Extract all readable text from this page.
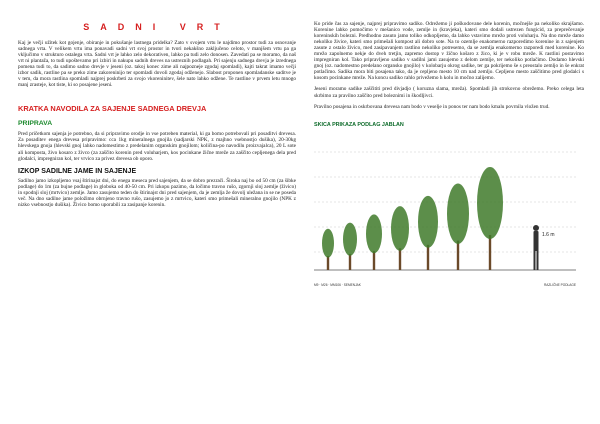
SADNI VRT

Kaj je večji užitek kot gojenje, obiranje in pokušanje lastnega pridelka? Zato v svojem vrtu le najdimo prostor tudi za osnovanje sadnega vrta. V velikem vrtu ima ponavadi sadni vrt svoj prostor in tvori nekakšno zaključeno celoto, v manjšem vrtu pa ga vključimo v strukturo ostalega vrta. Sadni vrt je lahko zelo dekorativen, lahko pa tudi zelo donosen. Zavedati pa se moramo, da naš vrt ni plantaža, to tudi upoštevamo pri izbiri in nakupu sadnih dreves na ustreznih podlagah. Pri sajenju sadnega drevja je izrednega pomena tudi to, da sadimo sadno drevje v jeseni (oz. takoj konec zime ali najpozneje zgodaj spomladi), kajti takrat imamo večji izbor sadik, rastline pa se preko zime zakoreninijo ter spomladi dovoli zgodaj odženejo. Slabost proponen spomladanske saditve je v tem, da mora rastlina spomladi najprej poskrbeti za svojo vkoreninitev, šele nato lahko odžene. Te rastline v prvem letu mnogo manj zrasteje, kot tiste, ki so posajene jeseni.

KRATKA NAVODILA ZA SAJENJE SADNEGA DREVJA
PRIPRAVA

Pred pričetkom sajenja je potrebno, da si pripravimo orodje in vse potreben material, ki ga bomo potrebovali pri posaditvi drevesa. Za posaditev enega drevesa pripravimo: cca 1kg mineralnega gnojila (sadjarski NPK, z majhno vsebnostjo dušika), 20-30kg hlevskega gnoja (hlevski gnoj lahko nadomestimo z predelanim organskim gnojilom; količina-po navodilu proizvajalca), 20 L sote ali komposta, živo kosaro z živco (za zaščito korenin pred voluharjem, kos pocinkane žične mreže za zaščito cepljenega dela pred glodalci, impregniran kol, ter vrvico za privez drevesa ob oporo.

IZKOP SADILNE JAME IN SAJENJE

Sadilno jamo izkopljemo vsaj štirinajst dni, do enega meseca pred sajenjem, da se dobro prezrači. Široka naj bo od 50 cm (za šibke podlage) do 1m (za bujne podlage) in globoka od 40-50 cm. Pri izkopu pazimo, da ločimo travno rušo, zgornji sloj zemlje (živico) in spodnji sloj (mrtvico) zemlje. Jamo zasujemo teden do štirinajst dni pred sajenjem, da je zemlja že dovolj uležana in se ne poseda več. Na dno sadilne jame položimo obrnjeno travno rušo, zasujemo jo z mrtvico, kateri smo primešali mineralno gnojilo (NPK z nizko vsebnostjo dušika). Živico bomo uporabili za zasipanje korenin.

Ko pride čas za sajenje, najprej pripravimo sadiko. Odrežemo ji poškodovane dele korenin, močnejše pa nekoliko skrajšamo. Korenine lahko pomočimo v mešanico vode, zemlje in (kravjeka), kateri smo dodali ustrezen fungicid, za preprečevanje koreninskih bolezni. Predhodno zasuto jamo toliko odkopljemo, da lahko vstavimo mrežo proti voluharju. Na dno mreže damo nekoliko živice, kateri smo primešali kompost ali dobro sote. Na to ozemlje enakomerno razporedimo korenine in z sajenjem zasute z ostalo živico, med zasipavanjem rastlino nekoliko potresemo, da se zemlja enakomerno razporedi med korenine. Ko mrežo zapolnemo nekje do dveh tretjin, zapremo dostop v žično košaro z žico, ki je v robu mreže. K rastlini postavimo impregniran kol. Tako pripravljeno sadiko v sadilni jami zasujemo z delom zemlje, ter nekoliko potlačimo. Dodamo hlevski gnoj (oz. nadomestno predelano organsko gnojilo) v kolobarju okrog sadike, ter ga pokrijemo še s preostalo zemljo in še enkrat potlačimo. Sadika mora biti posajena tako, da je cepljeno mesto 10 cm nad zemljo. Cepljeno mesto zaščitimo pred glodalci s kosom pocinkane mreže. Na koncu sadiko rahlo privežemo h kolu in močno zalijemo.

Jeseni moramo sadike zaščititi pred divjadjo ( koruzna slama, mreža). Spomladi jih strokovno obrežemo. Preko celega leta skrbimo za pravilno zaščito pred boleznimi in škodljivci.

Pravilno posajena in oskrbovana drevesa nam bodo v veselje in ponos ter nam bodo kmalu povrnila vložen trud.

SKICA PRIKAZA PODLAG JABLAN
1.6 m
M9 · M26 · MM106 · SEMENJAK	RAZLIČNE PODLAGE
